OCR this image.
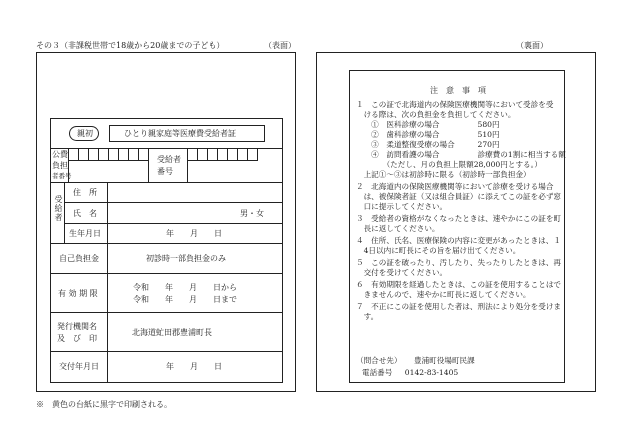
その３（非課税世帯で18歳から20歳までの子ども）	（表面）	（裏面）
親初	ひとり親家庭等医療費受給者証
公費
負担
者番号
受給者
番号
受給者
住　所
氏　名	男・女
生年月日	年　　月　　日
自己負担金	初診時一部負担金のみ
有 効 期 限
令和　　年　　月　　日から
令和　　年　　月　　日まで
発行機関名
及　び　印
北海道虻田郡豊浦町長
交付年月日	年　　月　　日
注　意　事　項
１　この証で北海道内の保険医療機関等において受診を受
　ける際は、次の負担金を負担してください。
　　①　医科診療の場合　　　　　580円
　　②　歯科診療の場合　　　　　510円
　　③　柔道整復受療の場合　　　270円
　　④　訪問看護の場合　　　　　診療費の1割に相当する額
　　　　（ただし、月の負担上限額28,000円とする。）
　上記①～③は初診時に限る（初診時一部負担金）
２　北海道内の保険医療機関等において診療を受ける場合
　は、被保険者証（又は組合員証）に添えてこの証を必ず窓
　口に提示してください。
３　受給者の資格がなくなったときは、速やかにこの証を町
　長に返してください。
４　住所、氏名、医療保険の内容に変更があったときは、１
　4日以内に町長にその旨を届け出てください。
５　この証を破ったり、汚したり、失ったりしたときは、再
　交付を受けてください。
６　有効期限を経過したときは、この証を使用することはで
　きませんので、速やかに町長に返してください。
７　不正にこの証を使用した者は、刑法により処分を受けま
　す。
（問合せ先） 豊浦町役場町民課
電話番号 0142-83-1405
※　黄色の台紙に黒字で印刷される。
